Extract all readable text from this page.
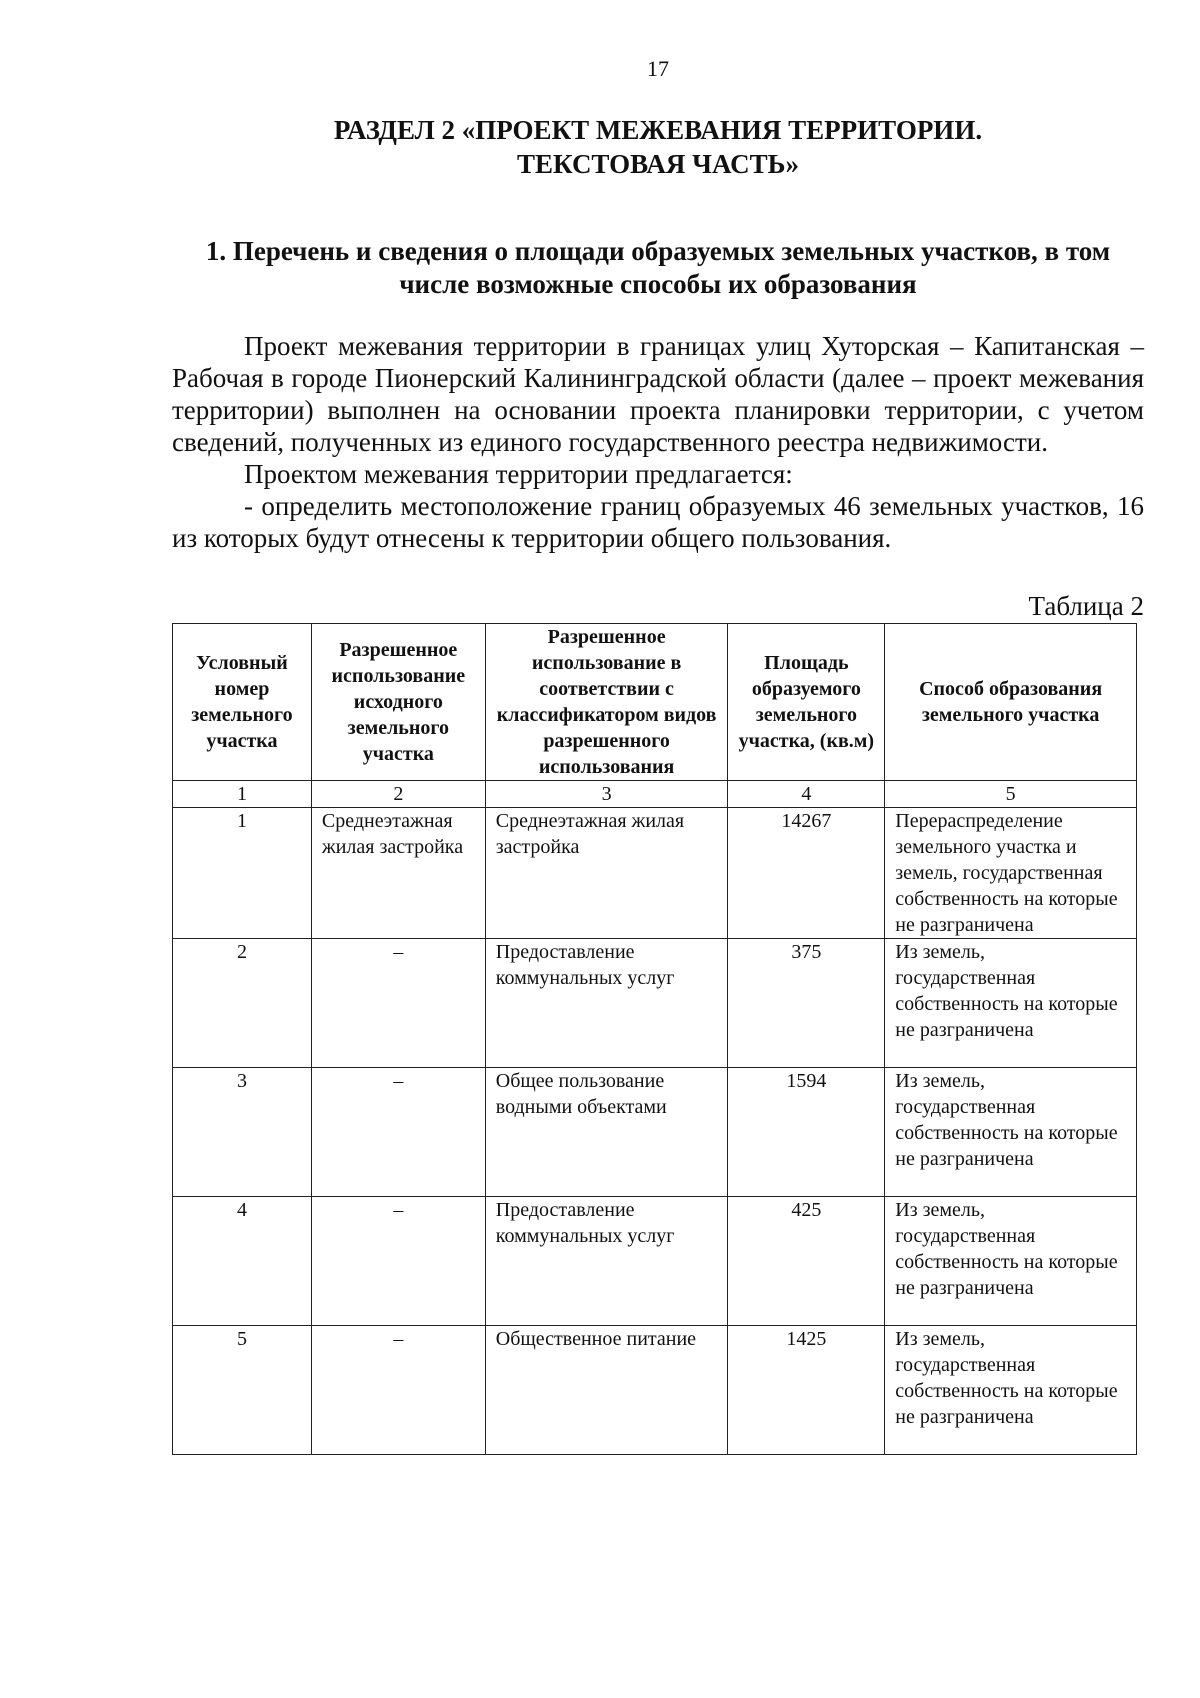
17
РАЗДЕЛ 2 «ПРОЕКТ МЕЖЕВАНИЯ ТЕРРИТОРИИ.
ТЕКСТОВАЯ ЧАСТЬ»
1. Перечень и сведения о площади образуемых земельных участков, в том
числе возможные способы их образования

Проект межевания территории в границах улиц Хуторская – Капитанская – Рабочая в городе Пионерский Калининградской области (далее – проект межевания территории) выполнен на основании проекта планировки территории, с учетом сведений, полученных из единого государственного реестра недвижимости.

Проектом межевания территории предлагается:

- определить местоположение границ образуемых 46 земельных участков, 16 из которых будут отнесены к территории общего пользования.

Таблица 2
Условный номер земельного участка	Разрешенное использование исходного земельного участка	Разрешенное использование в соответствии с классификатором видов разрешенного использования	Площадь образуемого земельного участка, (кв.м)	Способ образования земельного участка
1	2	3	4	5
1	Среднеэтажная жилая застройка	Среднеэтажная жилая застройка	14267	Перераспределение земельного участка и земель, государственная собственность на которые не разграничена
2	–	Предоставление коммунальных услуг	375	Из земель, государственная собственность на которые не разграничена
3	–	Общее пользование водными объектами	1594	Из земель, государственная собственность на которые не разграничена
4	–	Предоставление коммунальных услуг	425	Из земель, государственная собственность на которые не разграничена
5	–	Общественное питание	1425	Из земель, государственная собственность на которые не разграничена
